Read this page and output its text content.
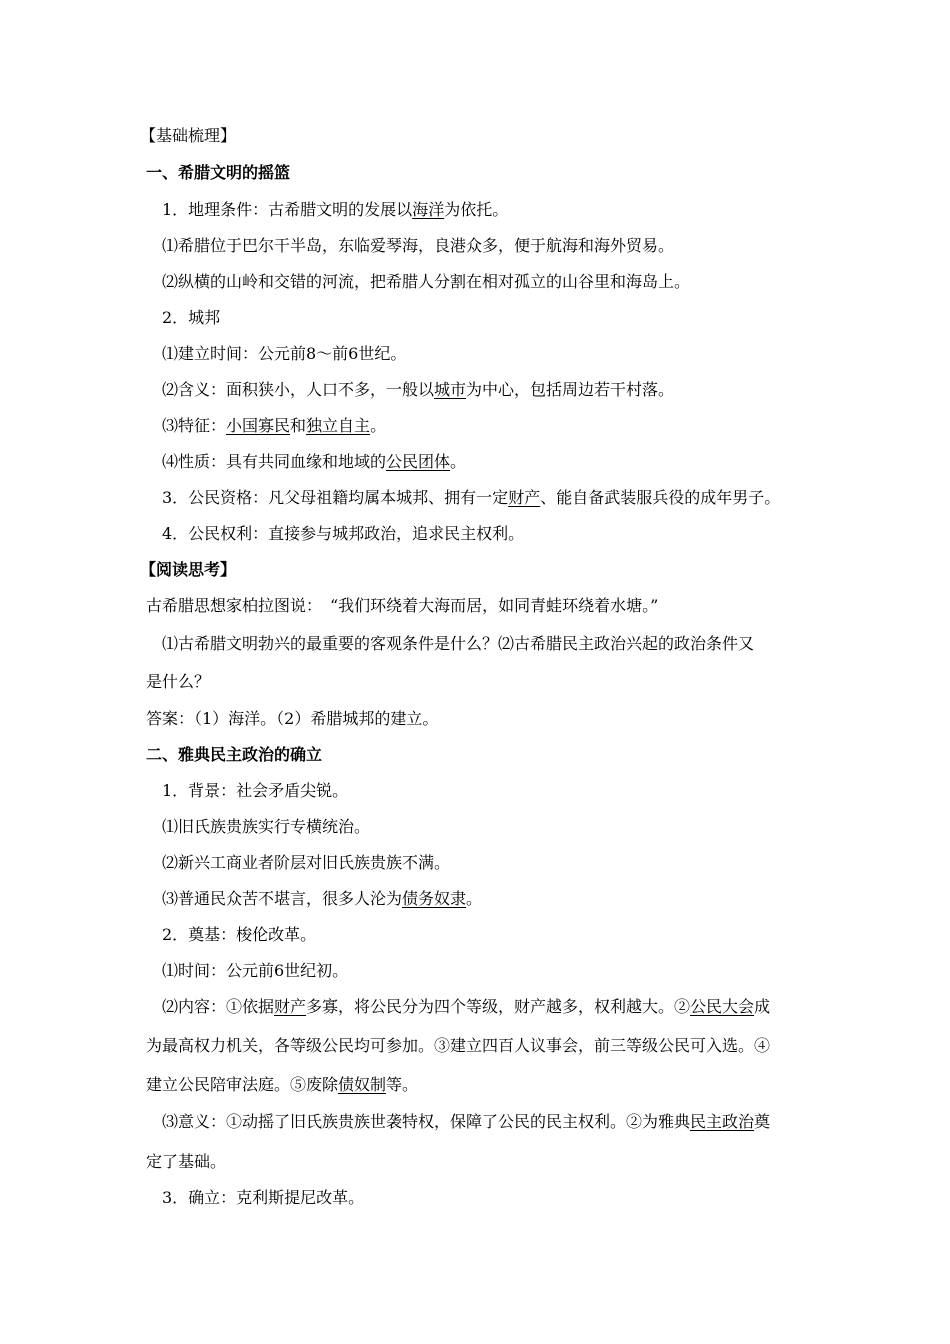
【基础梳理】
一、希腊文明的摇篮
1．地理条件：古希腊文明的发展以海洋为依托。
⑴希腊位于巴尔干半岛，东临爱琴海，良港众多，便于航海和海外贸易。
⑵纵横的山岭和交错的河流，把希腊人分割在相对孤立的山谷里和海岛上。
2．城邦
⑴建立时间：公元前8～前6世纪。
⑵含义：面积狭小，人口不多，一般以城市为中心，包括周边若干村落。
⑶特征：小国寡民和独立自主。
⑷性质：具有共同血缘和地域的公民团体。
3．公民资格：凡父母祖籍均属本城邦、拥有一定财产、能自备武装服兵役的成年男子。
4．公民权利：直接参与城邦政治，追求民主权利。
【阅读思考】
古希腊思想家柏拉图说：　“我们环绕着大海而居，如同青蛙环绕着水塘。”
⑴古希腊文明勃兴的最重要的客观条件是什么？⑵古希腊民主政治兴起的政治条件又
是什么？
答案：（1）海洋。（2）希腊城邦的建立。
二、雅典民主政治的确立
1．背景：社会矛盾尖锐。
⑴旧氏族贵族实行专横统治。
⑵新兴工商业者阶层对旧氏族贵族不满。
⑶普通民众苦不堪言，很多人沦为债务奴隶。
2．奠基：梭伦改革。
⑴时间：公元前6世纪初。
⑵内容：①依据财产多寡，将公民分为四个等级，财产越多，权利越大。②公民大会成
为最高权力机关，各等级公民均可参加。③建立四百人议事会，前三等级公民可入选。④
建立公民陪审法庭。⑤废除债奴制等。
⑶意义：①动摇了旧氏族贵族世袭特权，保障了公民的民主权利。②为雅典民主政治奠
定了基础。
3．确立：克利斯提尼改革。
